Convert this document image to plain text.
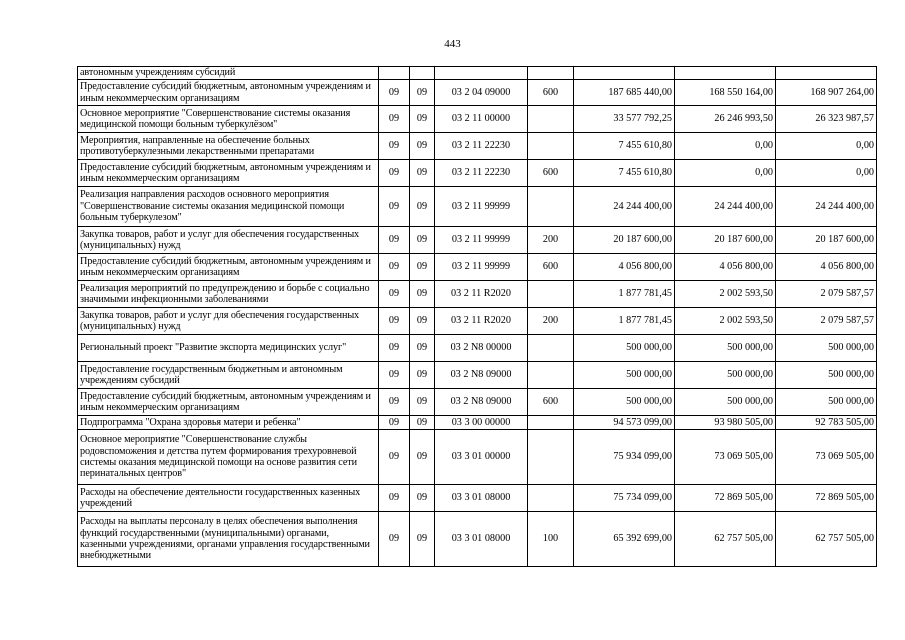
443
автономным учреждениям субсидий							
Предоставление субсидий бюджетным, автономным учреждениям и иным некоммерческим организациям	09	09	03 2 04 09000	600	187 685 440,00	168 550 164,00	168 907 264,00
Основное мероприятие "Совершенствование системы оказания медицинской помощи больным туберкулёзом"	09	09	03 2 11 00000		33 577 792,25	26 246 993,50	26 323 987,57
Мероприятия, направленные на обеспечение больных противотуберкулезными лекарственными препаратами	09	09	03 2 11 22230		7 455 610,80	0,00	0,00
Предоставление субсидий бюджетным, автономным учреждениям и иным некоммерческим организациям	09	09	03 2 11 22230	600	7 455 610,80	0,00	0,00
Реализация направления расходов основного мероприятия "Совершенствование системы оказания медицинской помощи больным туберкулезом"	09	09	03 2 11 99999		24 244 400,00	24 244 400,00	24 244 400,00
Закупка товаров, работ и услуг для обеспечения государственных (муниципальных) нужд	09	09	03 2 11 99999	200	20 187 600,00	20 187 600,00	20 187 600,00
Предоставление субсидий бюджетным, автономным учреждениям и иным некоммерческим организациям	09	09	03 2 11 99999	600	4 056 800,00	4 056 800,00	4 056 800,00
Реализация мероприятий по предупреждению и борьбе с социально значимыми инфекционными заболеваниями	09	09	03 2 11 R2020		1 877 781,45	2 002 593,50	2 079 587,57
Закупка товаров, работ и услуг для обеспечения государственных (муниципальных) нужд	09	09	03 2 11 R2020	200	1 877 781,45	2 002 593,50	2 079 587,57
Региональный проект "Развитие экспорта медицинских услуг"	09	09	03 2 N8 00000		500 000,00	500 000,00	500 000,00
Предоставление государственным бюджетным и автономным учреждениям субсидий	09	09	03 2 N8 09000		500 000,00	500 000,00	500 000,00
Предоставление субсидий бюджетным, автономным учреждениям и иным некоммерческим организациям	09	09	03 2 N8 09000	600	500 000,00	500 000,00	500 000,00
Подпрограмма "Охрана здоровья матери и ребенка"	09	09	03 3 00 00000		94 573 099,00	93 980 505,00	92 783 505,00
Основное мероприятие "Совершенствование службы родовспоможения и детства путем формирования трехуровневой системы оказания медицинской помощи на основе развития сети перинатальных центров"	09	09	03 3 01 00000		75 934 099,00	73 069 505,00	73 069 505,00
Расходы на обеспечение деятельности государственных казенных учреждений	09	09	03 3 01 08000		75 734 099,00	72 869 505,00	72 869 505,00
Расходы на выплаты персоналу в целях обеспечения выполнения функций государственными (муниципальными) органами, казенными учреждениями, органами управления государственными внебюджетными	09	09	03 3 01 08000	100	65 392 699,00	62 757 505,00	62 757 505,00
